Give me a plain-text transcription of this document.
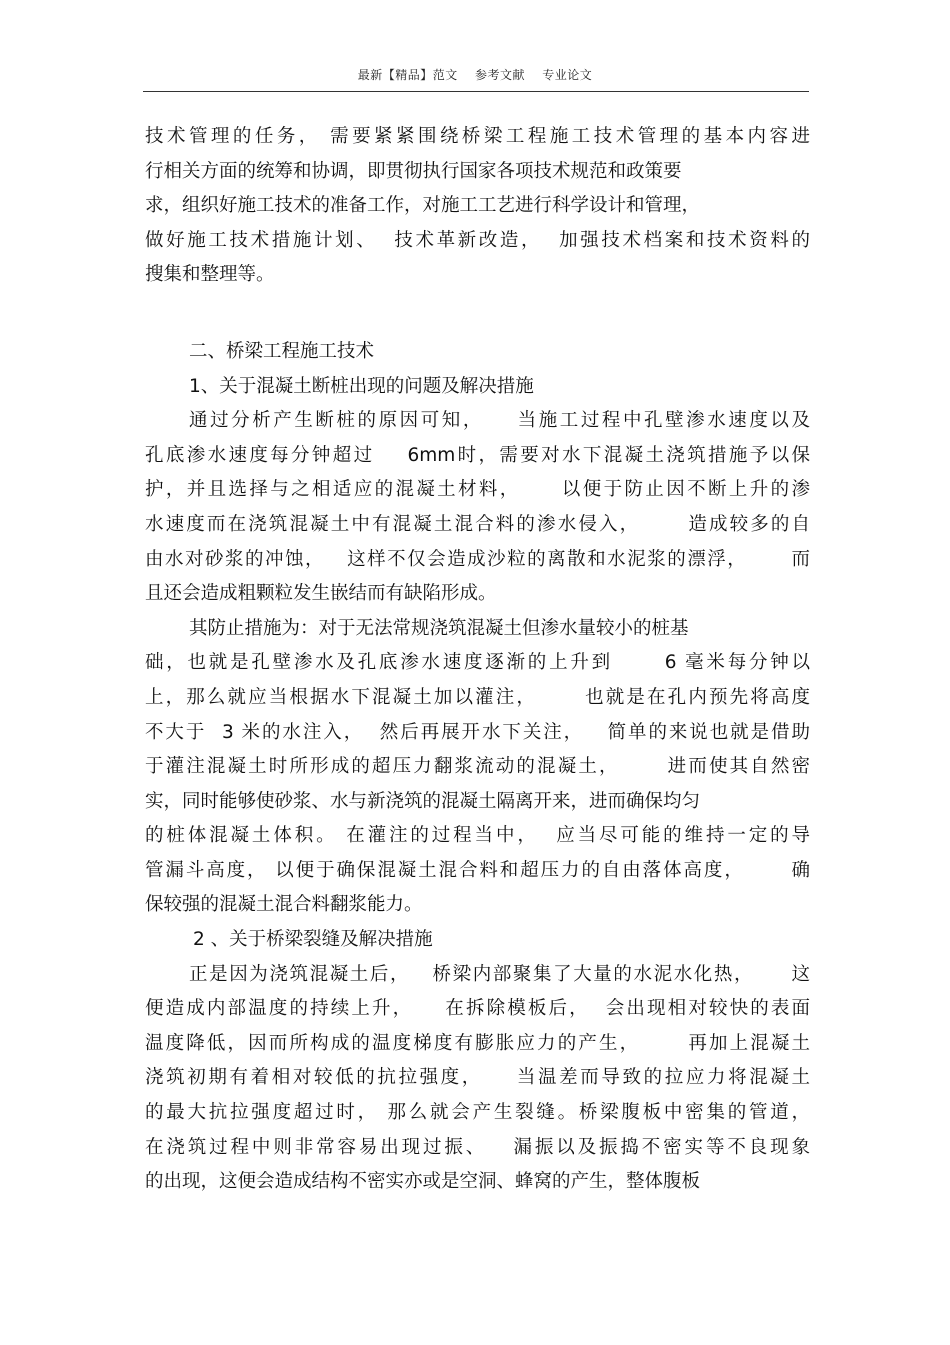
最新【精品】范文    参考文献    专业论文
技术管理的任务， 需要紧紧围绕桥梁工程施工技术管理的基本内容进
行相关方面的统筹和协调，即贯彻执行国家各项技术规范和政策要
求，组织好施工技术的准备工作，对施工工艺进行科学设计和管理，
做好施工技术措施计划、  技术革新改造，  加强技术档案和技术资料的
搜集和整理等。
二、桥梁工程施工技术
1、关于混凝土断桩出现的问题及解决措施
通过分析产生断桩的原因可知，    当施工过程中孔壁渗水速度以及
孔底渗水速度每分钟超过    6mm时，需要对水下混凝土浇筑措施予以保
护，并且选择与之相适应的混凝土材料，     以便于防止因不断上升的渗
水速度而在浇筑混凝土中有混凝土混合料的渗水侵入，      造成较多的自
由水对砂浆的冲蚀，   这样不仅会造成沙粒的离散和水泥浆的漂浮，      而
且还会造成粗颗粒发生嵌结而有缺陷形成。
其防止措施为：对于无法常规浇筑混凝土但渗水量较小的桩基
础，也就是孔壁渗水及孔底渗水速度逐渐的上升到      6 毫米每分钟以
上，那么就应当根据水下混凝土加以灌注，      也就是在孔内预先将高度
不大于  3 米的水注入，  然后再展开水下关注，   简单的来说也就是借助
于灌注混凝土时所形成的超压力翻浆流动的混凝土，      进而使其自然密
实，同时能够使砂浆、水与新浇筑的混凝土隔离开来，进而确保均匀
的桩体混凝土体积。 在灌注的过程当中，  应当尽可能的维持一定的导
管漏斗高度， 以便于确保混凝土混合料和超压力的自由落体高度，      确
保较强的混凝土混合料翻浆能力。
2 、关于桥梁裂缝及解决措施
正是因为浇筑混凝土后，   桥梁内部聚集了大量的水泥水化热，     这
便造成内部温度的持续上升，    在拆除模板后，  会出现相对较快的表面
温度降低，因而所构成的温度梯度有膨胀应力的产生，      再加上混凝土
浇筑初期有着相对较低的抗拉强度，    当温差而导致的拉应力将混凝土
的最大抗拉强度超过时， 那么就会产生裂缝。桥梁腹板中密集的管道，
在浇筑过程中则非常容易出现过振、   漏振以及振捣不密实等不良现象
的出现，这便会造成结构不密实亦或是空洞、蜂窝的产生，整体腹板
